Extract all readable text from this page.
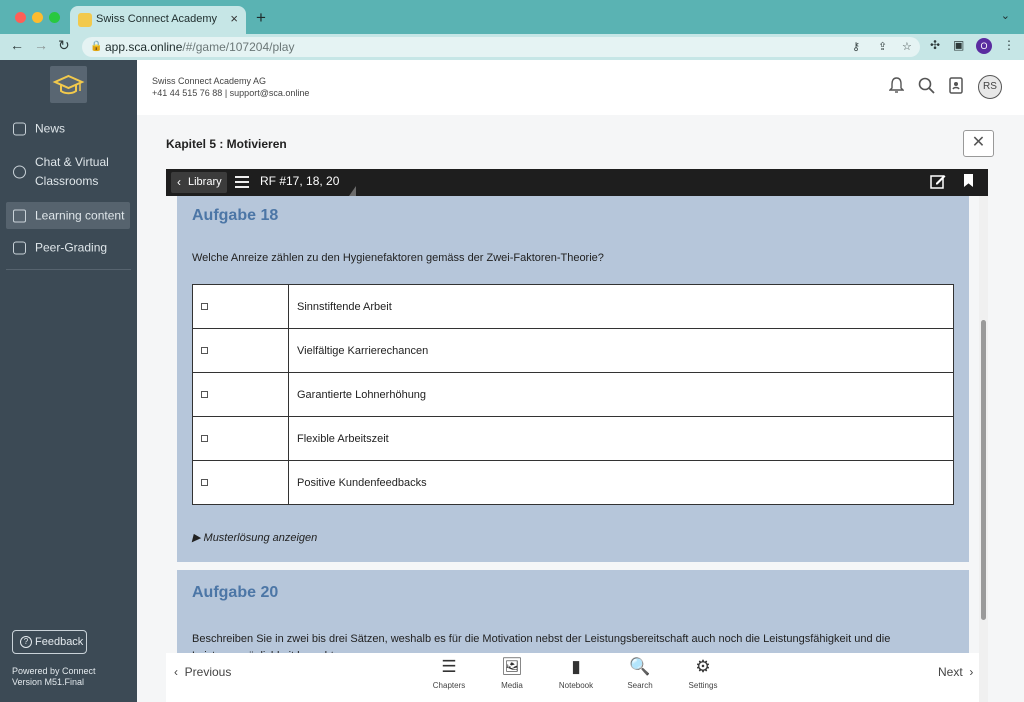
Swiss Connect Academy × +	⌄
← → ↻ 🔒 app.sca.online/#/game/107204/play	⚷ ⇪ ☆ ✣ ▣	O	⋮
News
Chat & Virtual Classrooms
Learning content
Peer-Grading
? Feedback
Powered by Connect
Version M51.Final
Swiss Connect Academy AG
+41 44 515 76 88 | support@sca.online
RS
Kapitel 5 : Motivieren	✕
‹ Library	RF #17, 18, 20
Aufgabe 18
Welche Anreize zählen zu den Hygienefaktoren gemäss der Zwei-Faktoren-Theorie?
	Sinnstiftende Arbeit
	Vielfältige Karrierechancen
	Garantierte Lohnerhöhung
	Flexible Arbeitszeit
	Positive Kundenfeedbacks
▶ Musterlösung anzeigen
Aufgabe 20
Beschreiben Sie in zwei bis drei Sätzen, weshalb es für die Motivation nebst der Leistungsbereitschaft auch noch die Leistungsfähigkeit und die
‹  Previous	☰
Chapters
🖼
Media
▮
Notebook
🔍
Search
⚙
Settings
Next  ›
